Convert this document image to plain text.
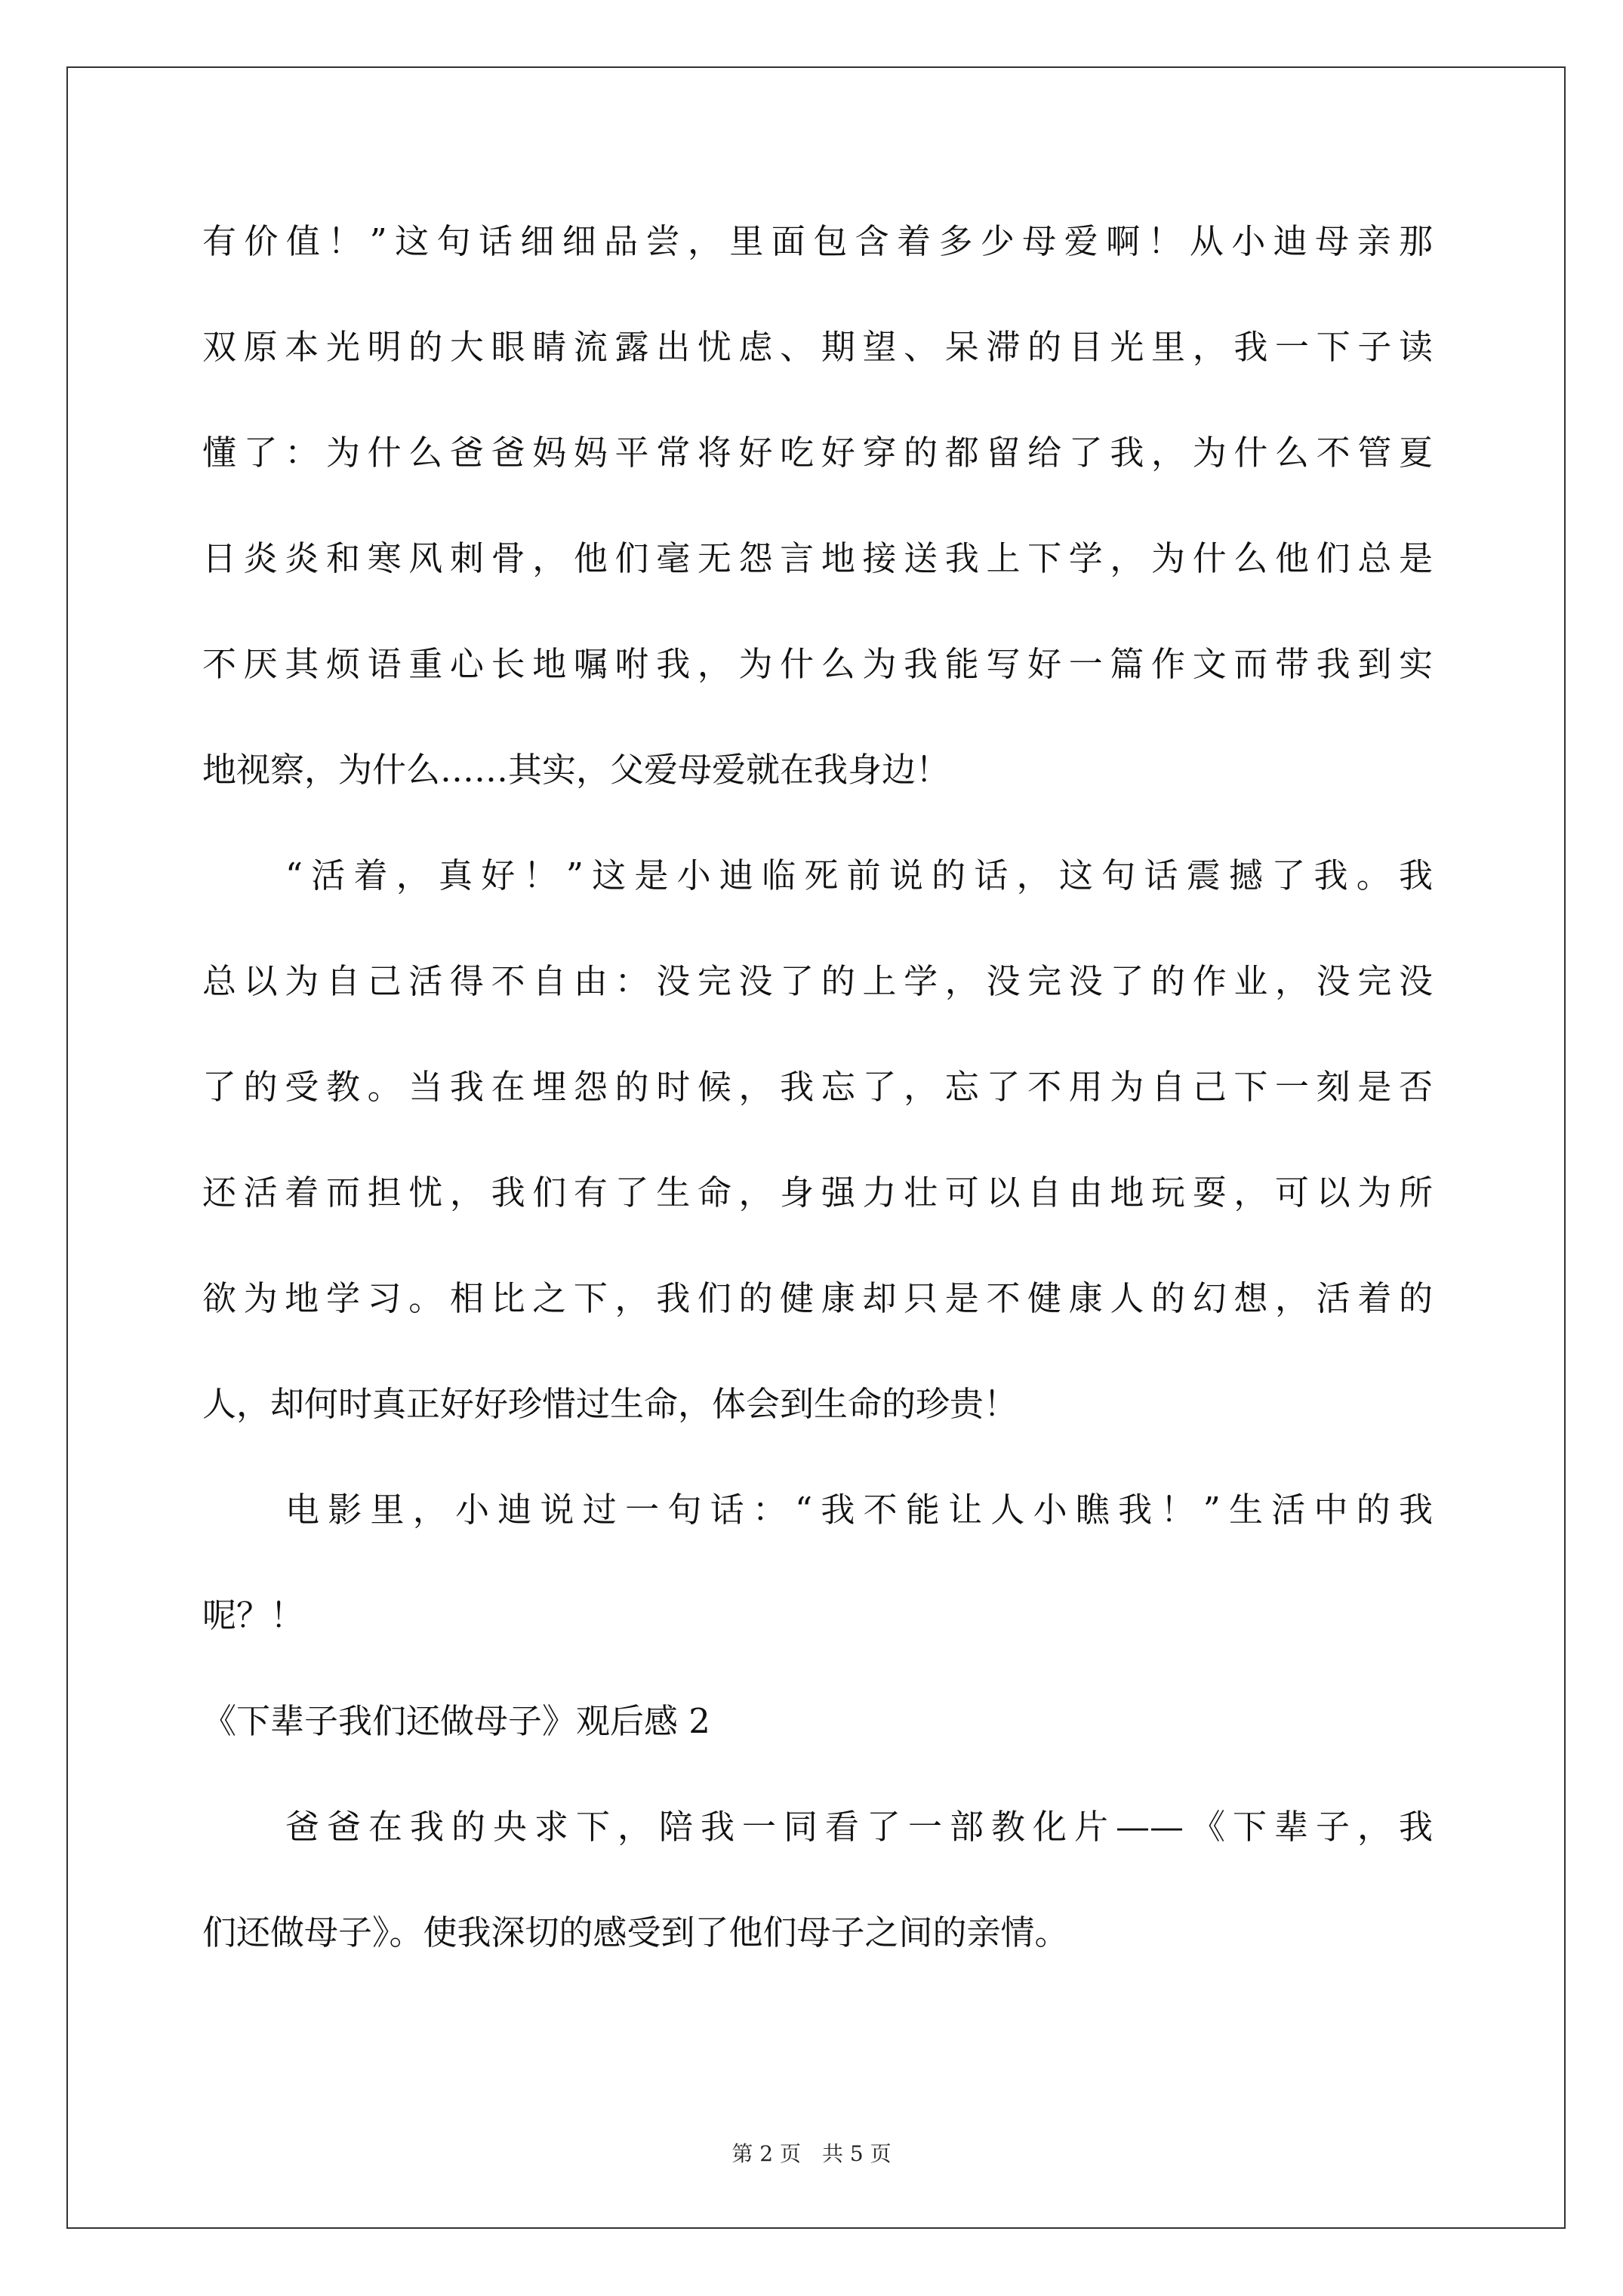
有价值！”这句话细细品尝，里面包含着多少母爱啊！从小迪母亲那
双原本光明的大眼睛流露出忧虑、期望、呆滞的目光里，我一下子读
懂了：为什么爸爸妈妈平常将好吃好穿的都留给了我，为什么不管夏
日炎炎和寒风刺骨，他们毫无怨言地接送我上下学，为什么他们总是
不厌其烦语重心长地嘱咐我，为什么为我能写好一篇作文而带我到实
地视察，为什么……其实，父爱母爱就在我身边！
“活着，真好！”这是小迪临死前说的话，这句话震撼了我。我
总以为自己活得不自由：没完没了的上学，没完没了的作业，没完没
了的受教。当我在埋怨的时候，我忘了，忘了不用为自己下一刻是否
还活着而担忧，我们有了生命，身强力壮可以自由地玩耍，可以为所
欲为地学习。相比之下，我们的健康却只是不健康人的幻想，活着的
人，却何时真正好好珍惜过生命，体会到生命的珍贵！
电影里，小迪说过一句话：“我不能让人小瞧我！”生活中的我
呢？！
《下辈子我们还做母子》观后感 2
爸爸在我的央求下，陪我一同看了一部教化片——《下辈子，我
们还做母子》。使我深切的感受到了他们母子之间的亲情。
第 2 页　共 5 页
